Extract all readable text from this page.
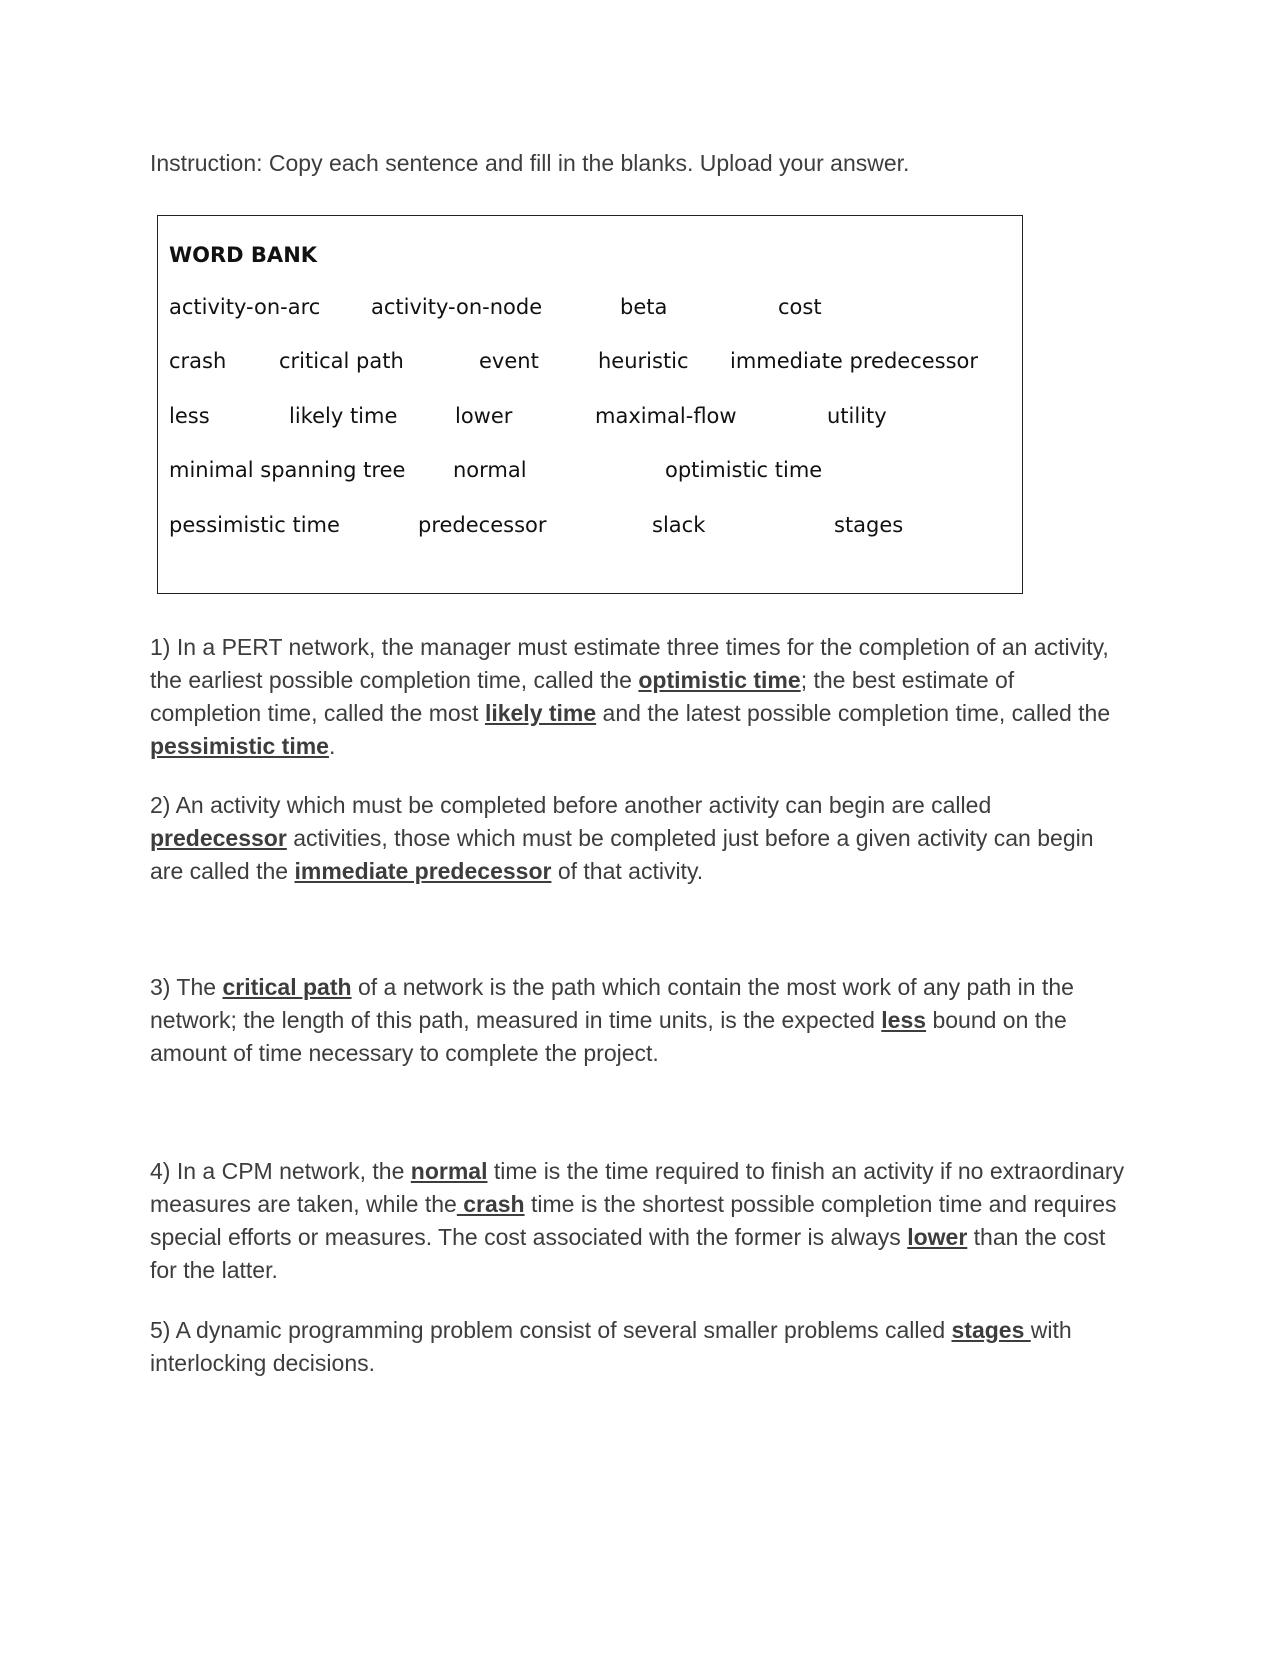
Instruction: Copy each sentence and fill in the blanks. Upload your answer.

WORD BANK

activity-on-arc activity-on-node	beta	cost

crash	critical path	event	heuristic immediate predecessor

less	likely time	lower	maximal-flow	utility

minimal spanning tree normal	optimistic time

pessimistic time	predecessor	slack	stages

1) In a PERT network, the manager must estimate three times for the completion of an activity, the earliest possible completion time, called the optimistic time; the best estimate of completion time, called the most likely time and the latest possible completion time, called the pessimistic time.

2) An activity which must be completed before another activity can begin are called predecessor activities, those which must be completed just before a given activity can begin are called the immediate predecessor of that activity.

3) The critical path of a network is the path which contain the most work of any path in the network; the length of this path, measured in time units, is the expected less bound on the amount of time necessary to complete the project.

4) In a CPM network, the normal time is the time required to finish an activity if no extraordinary measures are taken, while the crash time is the shortest possible completion time and requires special efforts or measures. The cost associated with the former is always lower than the cost for the latter.

5) A dynamic programming problem consist of several smaller problems called stages with interlocking decisions.
